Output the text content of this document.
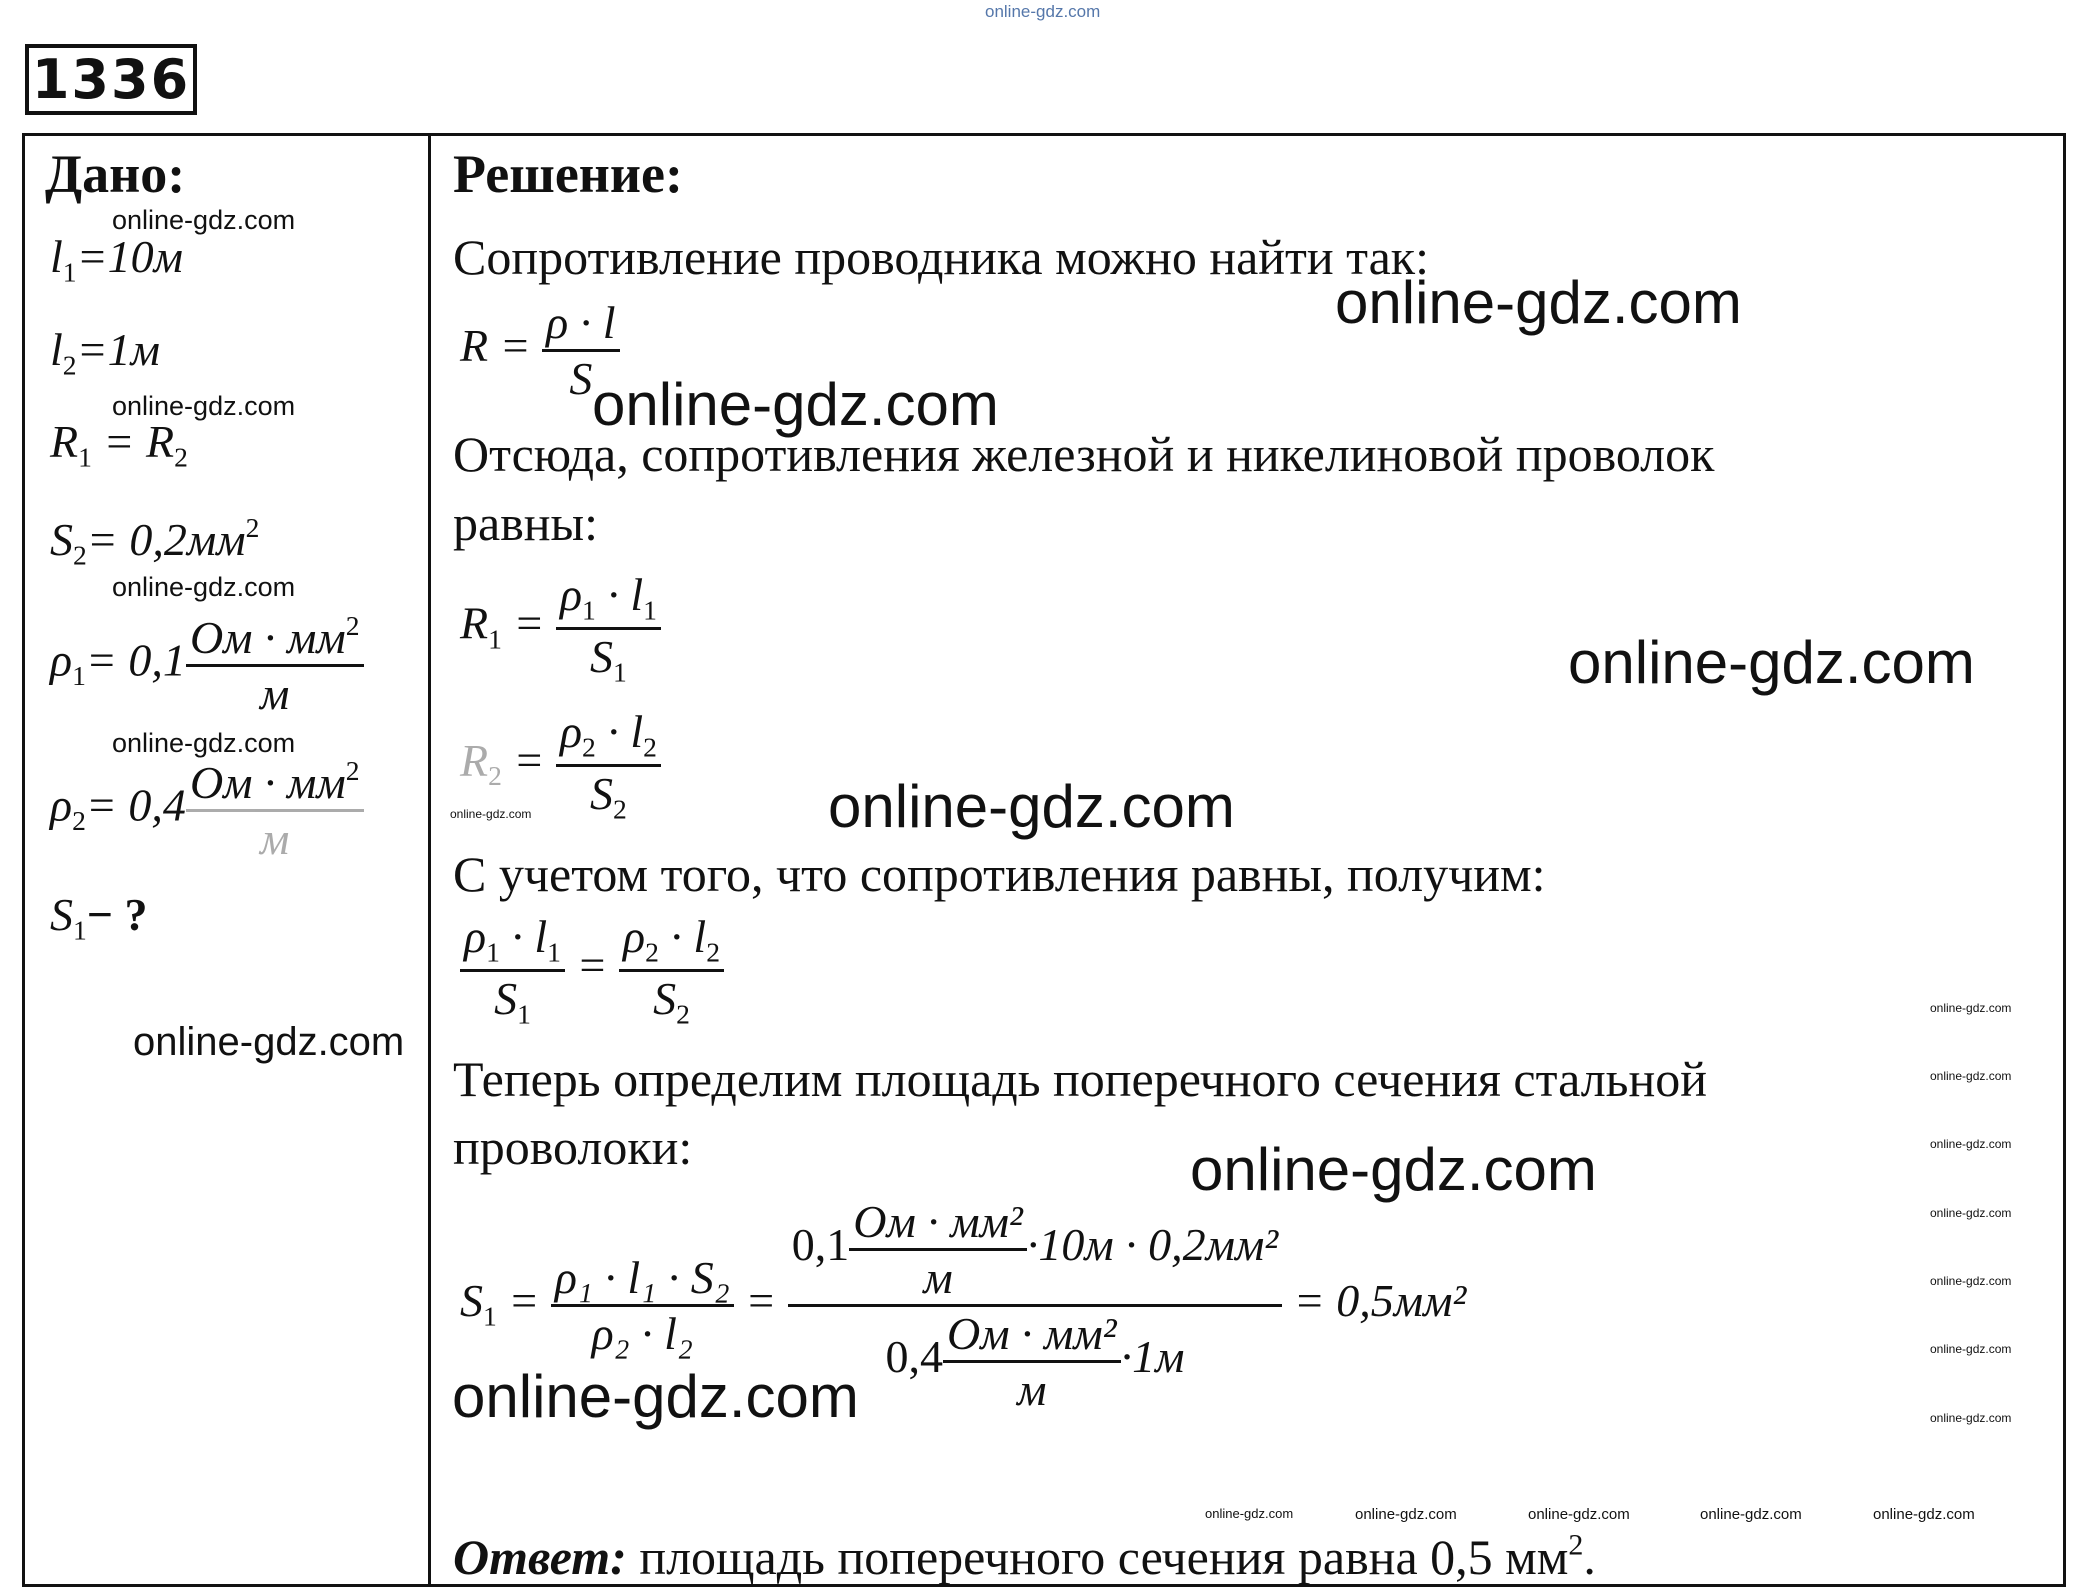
online-gdz.com
1336
Дано:
$l_1=10м$
$l_2=1м$
$R_1 = R_2$
$S_2= 0,2мм^2$
$\rho_1= 0,1 \frac{Ом \cdot мм^2}{м}$
$\rho_2= 0,4 \frac{Ом \cdot мм^2}{м}$
$S_1-$ ?
online-gdz.com
online-gdz.com
online-gdz.com
online-gdz.com
online-gdz.com
Решение:
Сопротивление проводника можно найти так:
$R = \frac{\rho \cdot l}{S}$
Отсюда, сопротивления железной и никелиновой проволок
равны:
$R_1 = \frac{\rho_1 \cdot l_1}{S_1}$
$R_2 = \frac{\rho_2 \cdot l_2}{S_2}$
online-gdz.com
С учетом того, что сопротивления равны, получим:
$\frac{\rho_1 \cdot l_1}{S_1} = \frac{\rho_2 \cdot l_2}{S_2}$
Теперь определим площадь поперечного сечения стальной
проволоки:
$S_1 = \frac{\text{ρ₁ · l₁ · S₂}}{\text{ρ₂ · l₂}} = \frac{0,1 \frac{\text{Ом · мм²}}{м} \cdot 10м \cdot 0,2мм^2}{0,4 \frac{\text{Ом · мм²}}{м} \cdot 1м} = 0,5мм^2$
Ответ: площадь поперечного сечения равна 0,5 $мм^2$.
online-gdz.com
online-gdz.com
online-gdz.com
online-gdz.com
online-gdz.com
online-gdz.com
online-gdz.com
online-gdz.com
online-gdz.com
online-gdz.com
online-gdz.com
online-gdz.com
online-gdz.com
online-gdz.com	online-gdz.com	online-gdz.com	online-gdz.com	online-gdz.com
